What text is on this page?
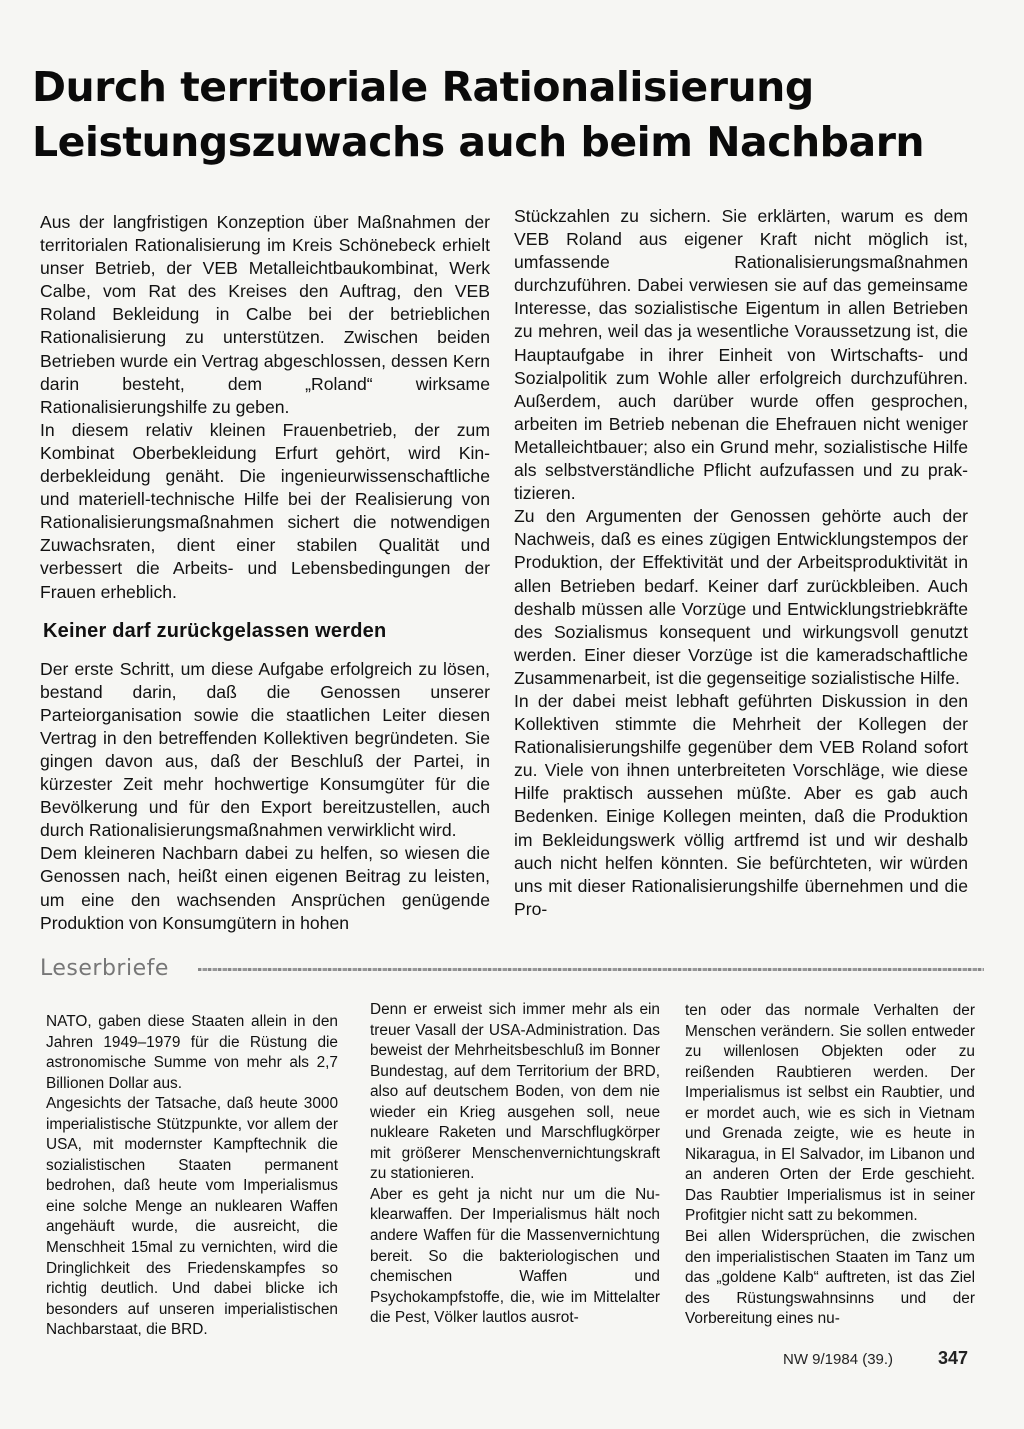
Durch territoriale Rationalisierung
Leistungszuwachs auch beim Nachbarn

Aus der langfristigen Konzeption über Maßnahmen der territorialen Rationalisierung im Kreis Schönebeck erhielt unser Betrieb, der VEB Metalleichtbaukombinat, Werk Calbe, vom Rat des Kreises den Auftrag, den VEB Roland Bekleidung in Calbe bei der betrieblichen Rationalisierung zu unterstützen. Zwischen beiden Betrieben wurde ein Vertrag abgeschlossen, dessen Kern darin besteht, dem „Roland“ wirksame Rationalisierungshilfe zu geben.

In diesem relativ kleinen Frauenbetrieb, der zum Kombinat Oberbekleidung Erfurt gehört, wird Kinderbekleidung genäht. Die ingenieurwissenschaftliche und materiell-technische Hilfe bei der Realisierung von Rationalisierungsmaßnahmen sichert die notwendigen Zuwachsraten, dient einer stabilen Qualität und verbessert die Arbeits- und Lebensbedingungen der Frauen erheblich.

Keiner darf zurückgelassen werden

Der erste Schritt, um diese Aufgabe erfolgreich zu lösen, bestand darin, daß die Genossen unserer Parteiorganisation sowie die staatlichen Leiter diesen Vertrag in den betreffenden Kollektiven begründeten. Sie gingen davon aus, daß der Beschluß der Partei, in kürzester Zeit mehr hochwertige Konsumgüter für die Bevölkerung und für den Export bereitzustellen, auch durch Rationalisierungsmaßnahmen verwirklicht wird.

Dem kleineren Nachbarn dabei zu helfen, so wiesen die Genossen nach, heißt einen eigenen Beitrag zu leisten, um eine den wachsenden Ansprüchen genügende Produktion von Konsumgütern in hohen

Stückzahlen zu sichern. Sie erklärten, warum es dem VEB Roland aus eigener Kraft nicht möglich ist, umfassende Rationalisierungsmaßnahmen durchzuführen. Dabei verwiesen sie auf das gemeinsame Interesse, das sozialistische Eigentum in allen Betrieben zu mehren, weil das ja wesentliche Voraussetzung ist, die Hauptaufgabe in ihrer Einheit von Wirtschafts- und Sozialpolitik zum Wohle aller erfolgreich durchzuführen. Außerdem, auch darüber wurde offen gesprochen, arbeiten im Betrieb nebenan die Ehefrauen nicht weniger Metalleichtbauer; also ein Grund mehr, sozialistische Hilfe als selbstverständliche Pflicht aufzufassen und zu praktizieren.

Zu den Argumenten der Genossen gehörte auch der Nachweis, daß es eines zügigen Entwicklungstempos der Produktion, der Effektivität und der Arbeitsproduktivität in allen Betrieben bedarf. Keiner darf zurückbleiben. Auch deshalb müssen alle Vorzüge und Entwicklungstriebkräfte des Sozialismus konsequent und wirkungsvoll genutzt werden. Einer dieser Vorzüge ist die kameradschaftliche Zusammenarbeit, ist die gegenseitige sozialistische Hilfe.

In der dabei meist lebhaft geführten Diskussion in den Kollektiven stimmte die Mehrheit der Kollegen der Rationalisierungshilfe gegenüber dem VEB Roland sofort zu. Viele von ihnen unterbreiteten Vorschläge, wie diese Hilfe praktisch aussehen müßte. Aber es gab auch Bedenken. Einige Kollegen meinten, daß die Produktion im Bekleidungswerk völlig artfremd ist und wir deshalb auch nicht helfen könnten. Sie befürchteten, wir würden uns mit dieser Rationalisierungshilfe übernehmen und die Pro-

Leserbriefe

NATO, gaben diese Staaten allein in den Jahren 1949–1979 für die Rüstung die astronomische Summe von mehr als 2,7 Billionen Dollar aus.

Angesichts der Tatsache, daß heute 3000 imperialistische Stützpunkte, vor allem der USA, mit modernster Kampftechnik die sozialistischen Staaten permanent bedrohen, daß heute vom Imperialismus eine solche Menge an nuklearen Waffen angehäuft wurde, die ausreicht, die Menschheit 15mal zu vernichten, wird die Dringlichkeit des Friedenskampfes so richtig deutlich. Und dabei blicke ich besonders auf unseren imperialistischen Nachbarstaat, die BRD.

Denn er erweist sich immer mehr als ein treuer Vasall der USA-Administration. Das beweist der Mehrheitsbeschluß im Bonner Bundestag, auf dem Territorium der BRD, also auf deutschem Boden, von dem nie wieder ein Krieg ausgehen soll, neue nukleare Raketen und Marschflugkörper mit größerer Menschenvernichtungskraft zu stationieren.

Aber es geht ja nicht nur um die Nuklearwaffen. Der Imperialismus hält noch andere Waffen für die Massenvernichtung bereit. So die bakteriologischen und chemischen Waffen und Psychokampfstoffe, die, wie im Mittelalter die Pest, Völker lautlos ausrot-

ten oder das normale Verhalten der Menschen verändern. Sie sollen entweder zu willenlosen Objekten oder zu reißenden Raubtieren werden. Der Imperialismus ist selbst ein Raubtier, und er mordet auch, wie es sich in Vietnam und Grenada zeigte, wie es heute in Nikaragua, in El Salvador, im Libanon und an anderen Orten der Erde geschieht. Das Raubtier Imperialismus ist in seiner Profitgier nicht satt zu bekommen.

Bei allen Widersprüchen, die zwischen den imperialistischen Staaten im Tanz um das „goldene Kalb“ auftreten, ist das Ziel des Rüstungswahnsinns und der Vorbereitung eines nu-

NW 9/1984 (39.) 347
